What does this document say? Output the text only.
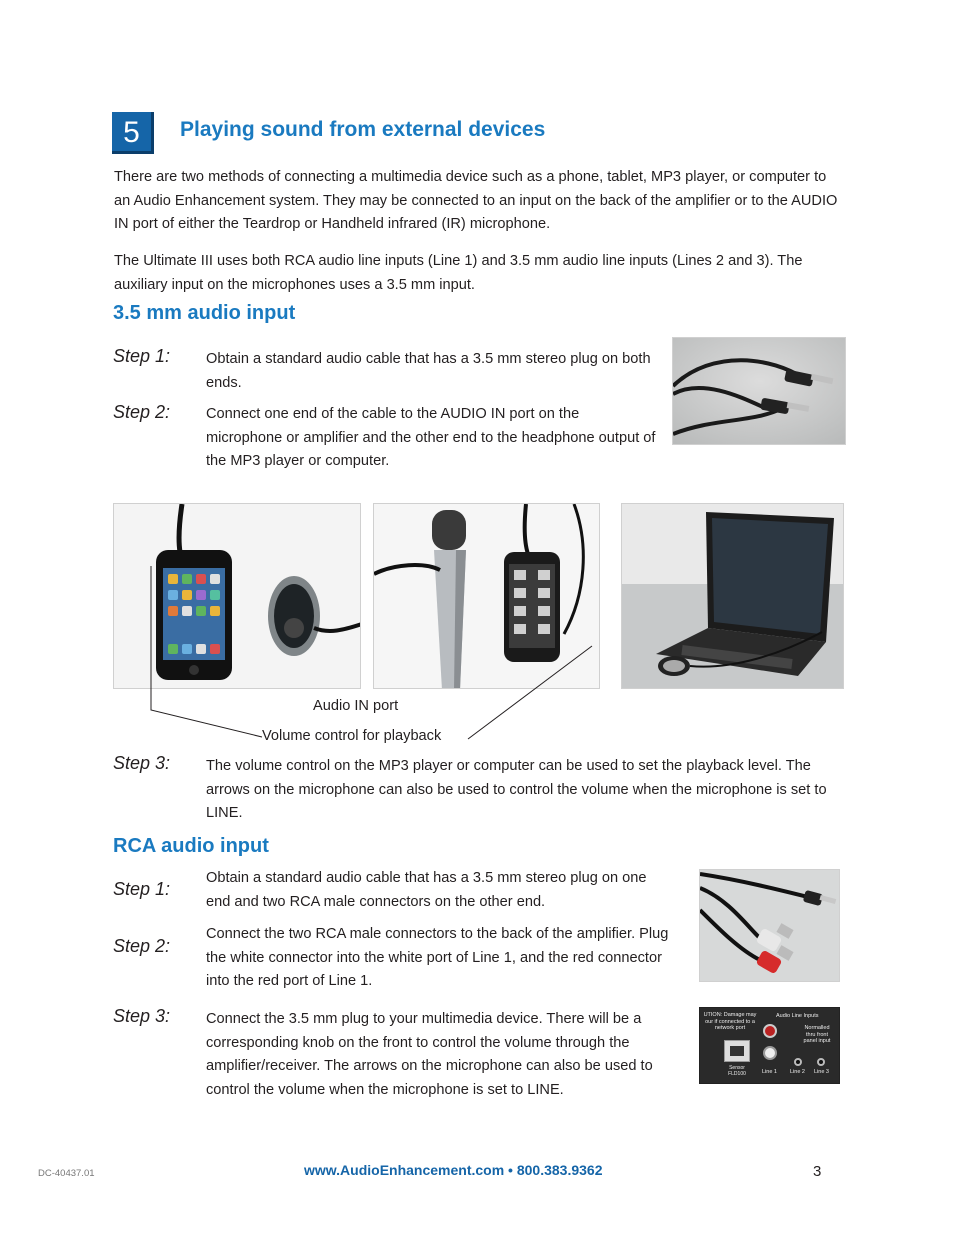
5	Playing sound from external devices
There are two methods of connecting a multimedia device such as a phone, tablet, MP3 player, or computer to an Audio Enhancement system. They may be connected to an input on the back of the amplifier or to the AUDIO IN port of either the Teardrop or Handheld infrared (IR) microphone.
The Ultimate III uses both RCA audio line inputs (Line 1) and 3.5 mm audio line inputs (Lines 2 and 3). The auxiliary input on the microphones uses a 3.5 mm input.
3.5 mm audio input
Step 1: Obtain a standard audio cable that has a 3.5 mm stereo plug on both ends.
Step 2: Connect one end of the cable to the AUDIO IN port on the microphone or amplifier and the other end to the headphone output of the MP3 player or computer.
Audio IN port
Volume control for playback
Step 3: The volume control on the MP3 player or computer can be used to set the playback level. The arrows on the microphone can also be used to control the volume when the microphone is set to LINE.
RCA audio input
Step 1:
Obtain a standard audio cable that has a 3.5 mm stereo plug on one end and two RCA male connectors on the other end.
Step 2:
Connect the two RCA male connectors to the back of the amplifier. Plug the white connector into the white port of Line 1, and the red connector into the red port of Line 1.
Step 3: Connect the 3.5 mm plug to your multimedia device. There will be a corresponding knob on the front to control the volume through the amplifier/receiver. The arrows on the microphone can also be used to control the volume when the microphone is set to LINE.
UTION: Damage may our if connected to a network port
Audio Line Inputs
Normalled thru front panel input
Sensor FLD100	Line 1 Line 2 Line 3
DC-40437.01	www.AudioEnhancement.com • 800.383.9362	3
